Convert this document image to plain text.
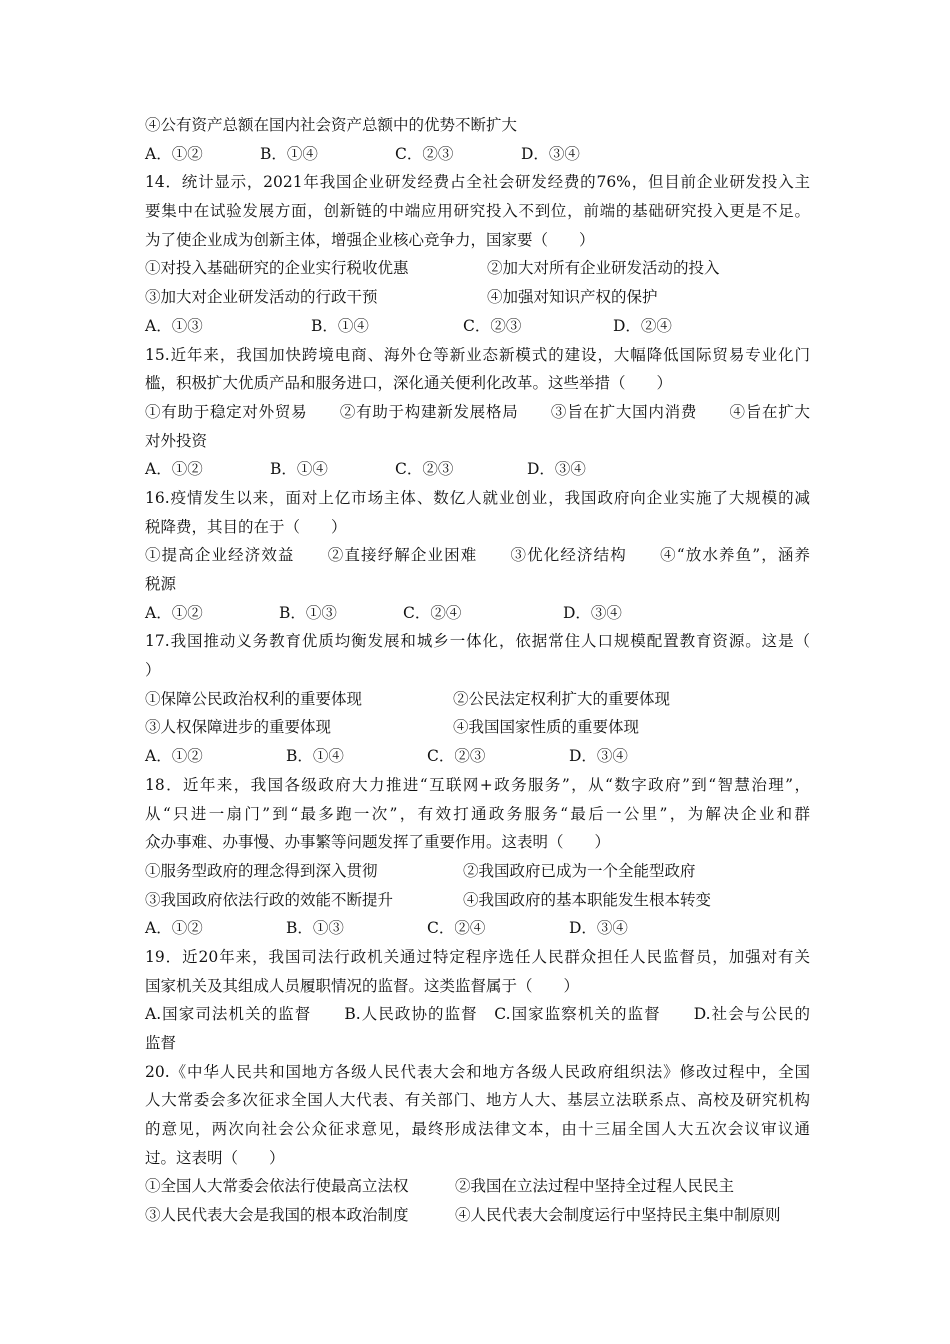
④公有资产总额在国内社会资产总额中的优势不断扩大
A．①②	B．①④	C．②③	D．③④
14．统计显示，2021年我国企业研发经费占全社会研发经费的76%，但目前企业研发投入主
要集中在试验发展方面，创新链的中端应用研究投入不到位，前端的基础研究投入更是不足。
为了使企业成为创新主体，增强企业核心竞争力，国家要（　　）
①对投入基础研究的企业实行税收优惠	②加大对所有企业研发活动的投入
③加大对企业研发活动的行政干预	④加强对知识产权的保护
A．①③	B．①④	C．②③	D．②④
15.近年来，我国加快跨境电商、海外仓等新业态新模式的建设，大幅降低国际贸易专业化门
槛，积极扩大优质产品和服务进口，深化通关便利化改革。这些举措（　　）
①有助于稳定对外贸易　　②有助于构建新发展格局　　③旨在扩大国内消费　　④旨在扩大
对外投资
A．①②	B．①④	C．②③	D．③④
16.疫情发生以来，面对上亿市场主体、数亿人就业创业，我国政府向企业实施了大规模的减
税降费，其目的在于（　　）
①提高企业经济效益　　②直接纾解企业困难　　③优化经济结构　　④“放水养鱼”，涵养
税源
A．①②	B．①③	C．②④	D．③④
17.我国推动义务教育优质均衡发展和城乡一体化，依据常住人口规模配置教育资源。这是（
）
①保障公民政治权利的重要体现	②公民法定权利扩大的重要体现
③人权保障进步的重要体现	④我国国家性质的重要体现
A．①②	B．①④	C．②③	D．③④
18．近年来，我国各级政府大力推进“互联网+政务服务”，从“数字政府”到“智慧治理”，
从“只进一扇门”到“最多跑一次”，有效打通政务服务“最后一公里”，为解决企业和群
众办事难、办事慢、办事繁等问题发挥了重要作用。这表明（　　）
①服务型政府的理念得到深入贯彻	②我国政府已成为一个全能型政府
③我国政府依法行政的效能不断提升	④我国政府的基本职能发生根本转变
A．①②	B．①③	C．②④	D．③④
19．近20年来，我国司法行政机关通过特定程序选任人民群众担任人民监督员，加强对有关
国家机关及其组成人员履职情况的监督。这类监督属于（　　）
A.国家司法机关的监督　　B.人民政协的监督　C.国家监察机关的监督　　D.社会与公民的
监督
20.《中华人民共和国地方各级人民代表大会和地方各级人民政府组织法》修改过程中，全国
人大常委会多次征求全国人大代表、有关部门、地方人大、基层立法联系点、高校及研究机构
的意见，两次向社会公众征求意见，最终形成法律文本，由十三届全国人大五次会议审议通
过。这表明（　　）
①全国人大常委会依法行使最高立法权	②我国在立法过程中坚持全过程人民民主
③人民代表大会是我国的根本政治制度	④人民代表大会制度运行中坚持民主集中制原则
